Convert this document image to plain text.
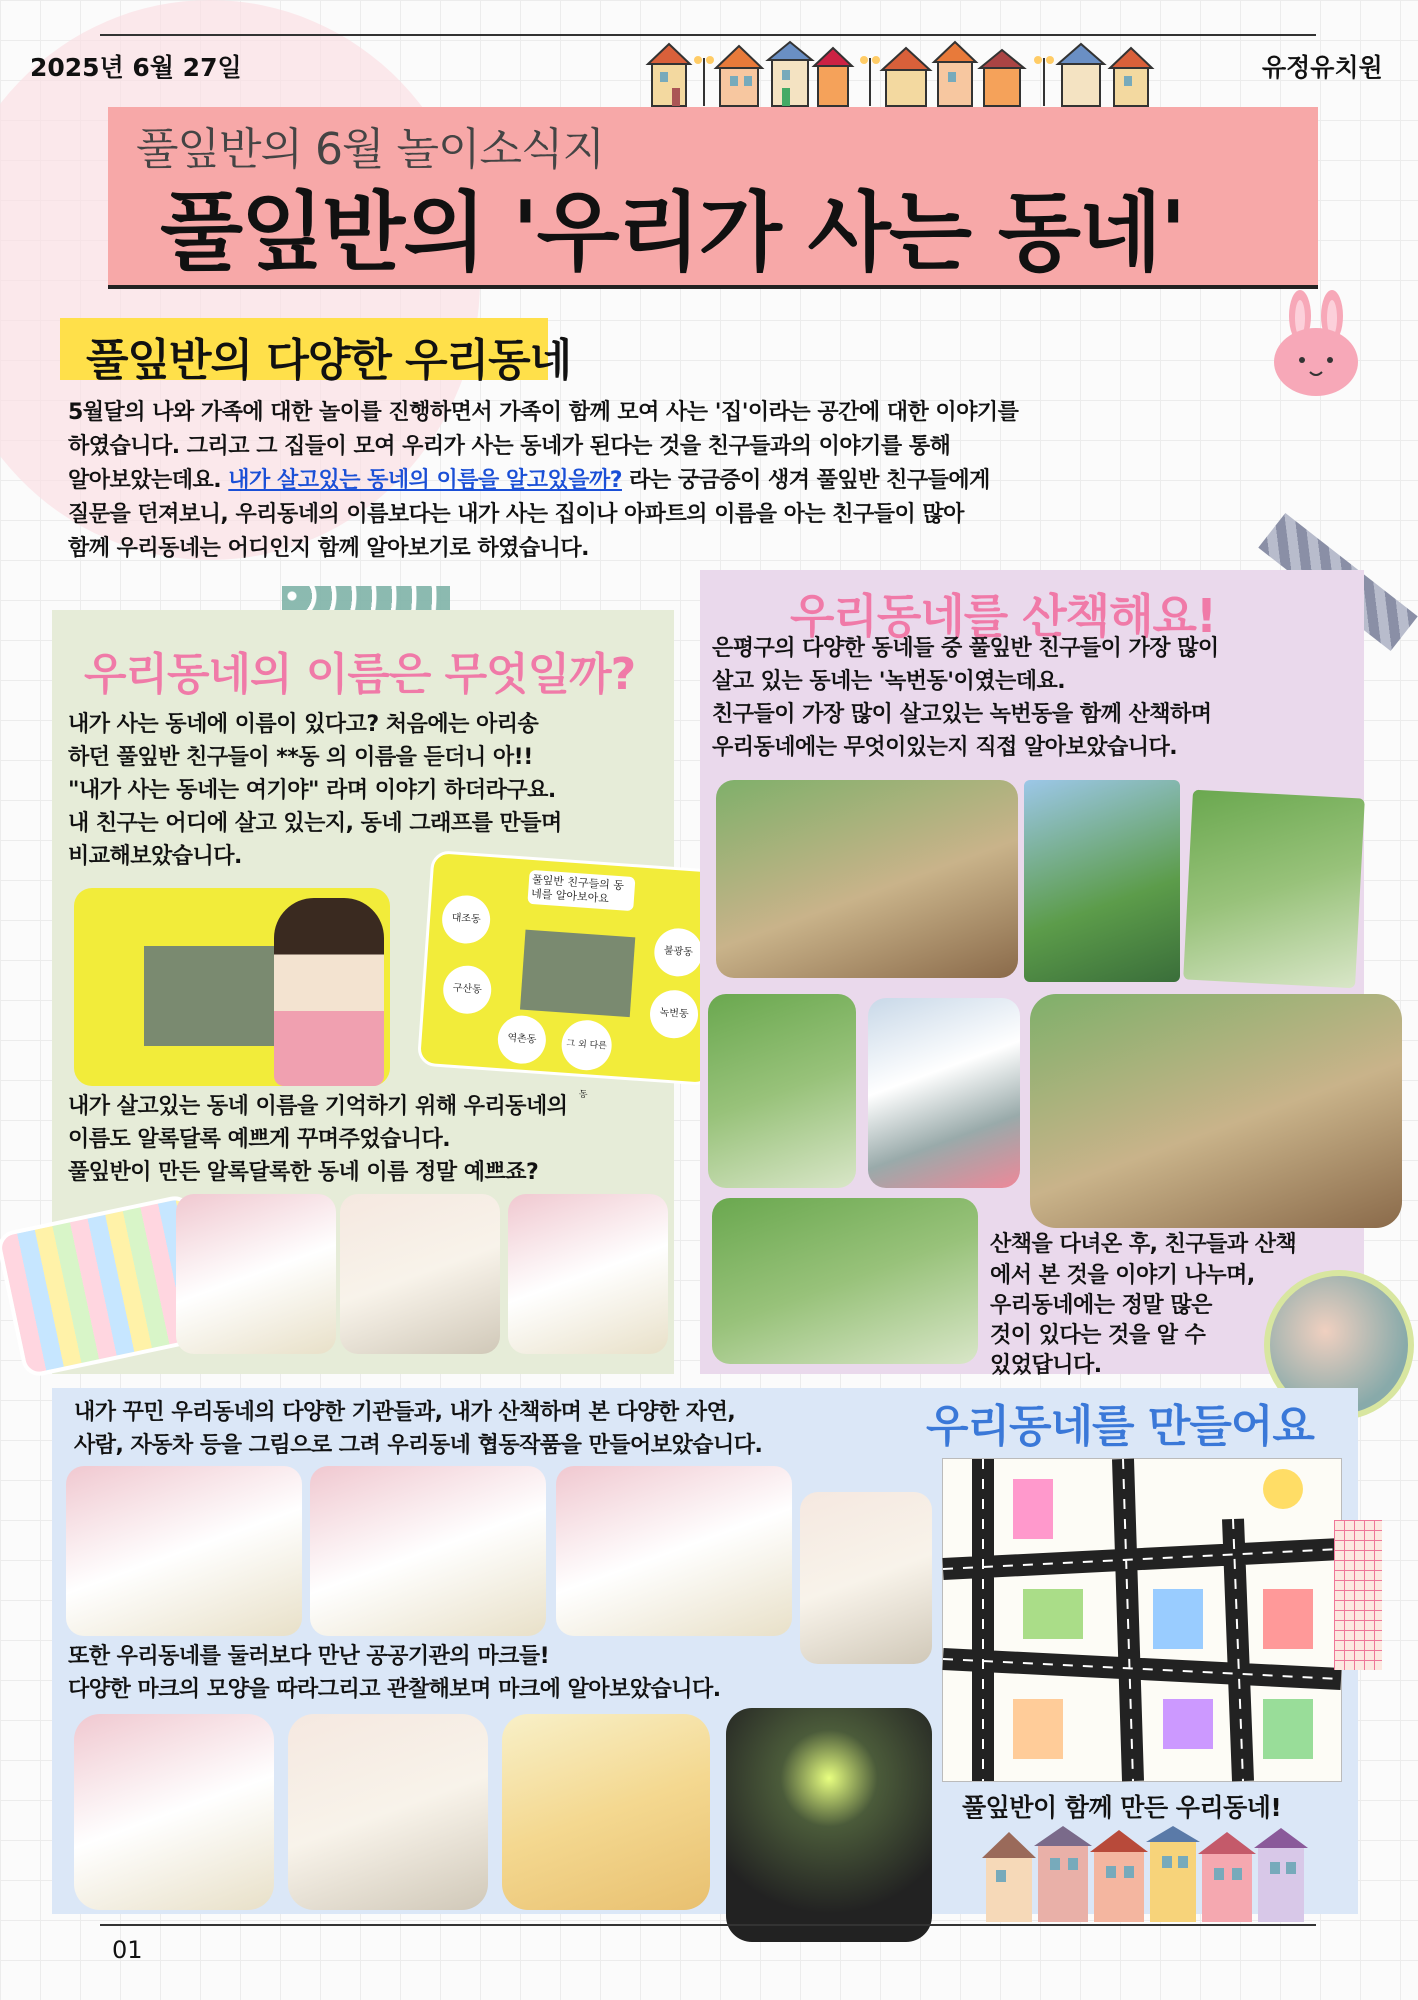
2025년 6월 27일	유정유치원
풀잎반의 6월 놀이소식지
풀잎반의 '우리가 사는 동네'
풀잎반의 다양한 우리동네
5월달의 나와 가족에 대한 놀이를 진행하면서 가족이 함께 모여 사는 '집'이라는 공간에 대한 이야기를
하였습니다. 그리고 그 집들이 모여 우리가 사는 동네가 된다는 것을 친구들과의 이야기를 통해
알아보았는데요. 내가 살고있는 동네의 이름을 알고있을까? 라는 궁금증이 생겨 풀잎반 친구들에게
질문을 던져보니, 우리동네의 이름보다는 내가 사는 집이나 아파트의 이름을 아는 친구들이 많아
함께 우리동네는 어디인지 함께 알아보기로 하였습니다.
우리동네의 이름은 무엇일까?
내가 사는 동네에 이름이 있다고? 처음에는 아리송
하던 풀잎반 친구들이 **동 의 이름을 듣더니 아!!
"내가 사는 동네는 여기야" 라며 이야기 하더라구요.
내 친구는 어디에 살고 있는지, 동네 그래프를 만들며
비교해보았습니다.
풀잎반 친구들의 동네를 알아보아요
대조동
구산동
역촌동	그 외 다른 동
불광동
녹번동
내가 살고있는 동네 이름을 기억하기 위해 우리동네의
이름도 알록달록 예쁘게 꾸며주었습니다.
풀잎반이 만든 알록달록한 동네 이름 정말 예쁘죠?
우리동네를 산책해요!
은평구의 다양한 동네들 중 풀잎반 친구들이 가장 많이
살고 있는 동네는 '녹번동'이였는데요.
친구들이 가장 많이 살고있는 녹번동을 함께 산책하며
우리동네에는 무엇이있는지 직접 알아보았습니다.
산책을 다녀온 후, 친구들과 산책
에서 본 것을 이야기 나누며,
우리동네에는 정말 많은
것이 있다는 것을 알 수
있었답니다.
내가 꾸민 우리동네의 다양한 기관들과, 내가 산책하며 본 다양한 자연,
사람, 자동차 등을 그림으로 그려 우리동네 협동작품을 만들어보았습니다.	우리동네를 만들어요
또한 우리동네를 둘러보다 만난 공공기관의 마크들!
다양한 마크의 모양을 따라그리고 관찰해보며 마크에 알아보았습니다.
풀잎반이 함께 만든 우리동네!
01
